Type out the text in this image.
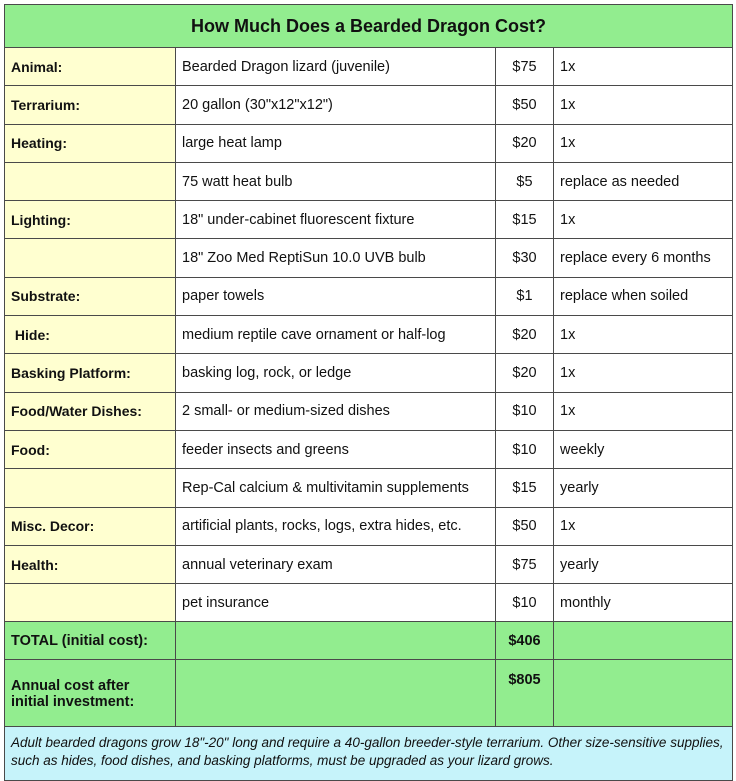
How Much Does a Bearded Dragon Cost?			
Animal:	Bearded Dragon lizard (juvenile)	$75	1x
Terrarium:	20 gallon (30"x12"x12")	$50	1x
Heating:	large heat lamp	$20	1x
	75 watt heat bulb	$5	replace as needed
Lighting:	18" under-cabinet fluorescent fixture	$15	1x
	18" Zoo Med ReptiSun 10.0 UVB bulb	$30	replace every 6 months
Substrate:	paper towels	$1	replace when soiled
Hide:	medium reptile cave ornament or half-log	$20	1x
Basking Platform:	basking log, rock, or ledge	$20	1x
Food/Water Dishes:	2 small- or medium-sized dishes	$10	1x
Food:	feeder insects and greens	$10	weekly
	Rep-Cal calcium & multivitamin supplements	$15	yearly
Misc. Decor:	artificial plants, rocks, logs, extra hides, etc.	$50	1x
Health:	annual veterinary exam	$75	yearly
	pet insurance	$10	monthly
TOTAL (initial cost):		$406	

Annual cost after
initial investment:		$805	
Adult bearded dragons grow 18"-20" long and require a 40-gallon breeder-style terrarium. Other size-sensitive supplies, such as hides, food dishes, and basking platforms, must be upgraded as your lizard grows.			
